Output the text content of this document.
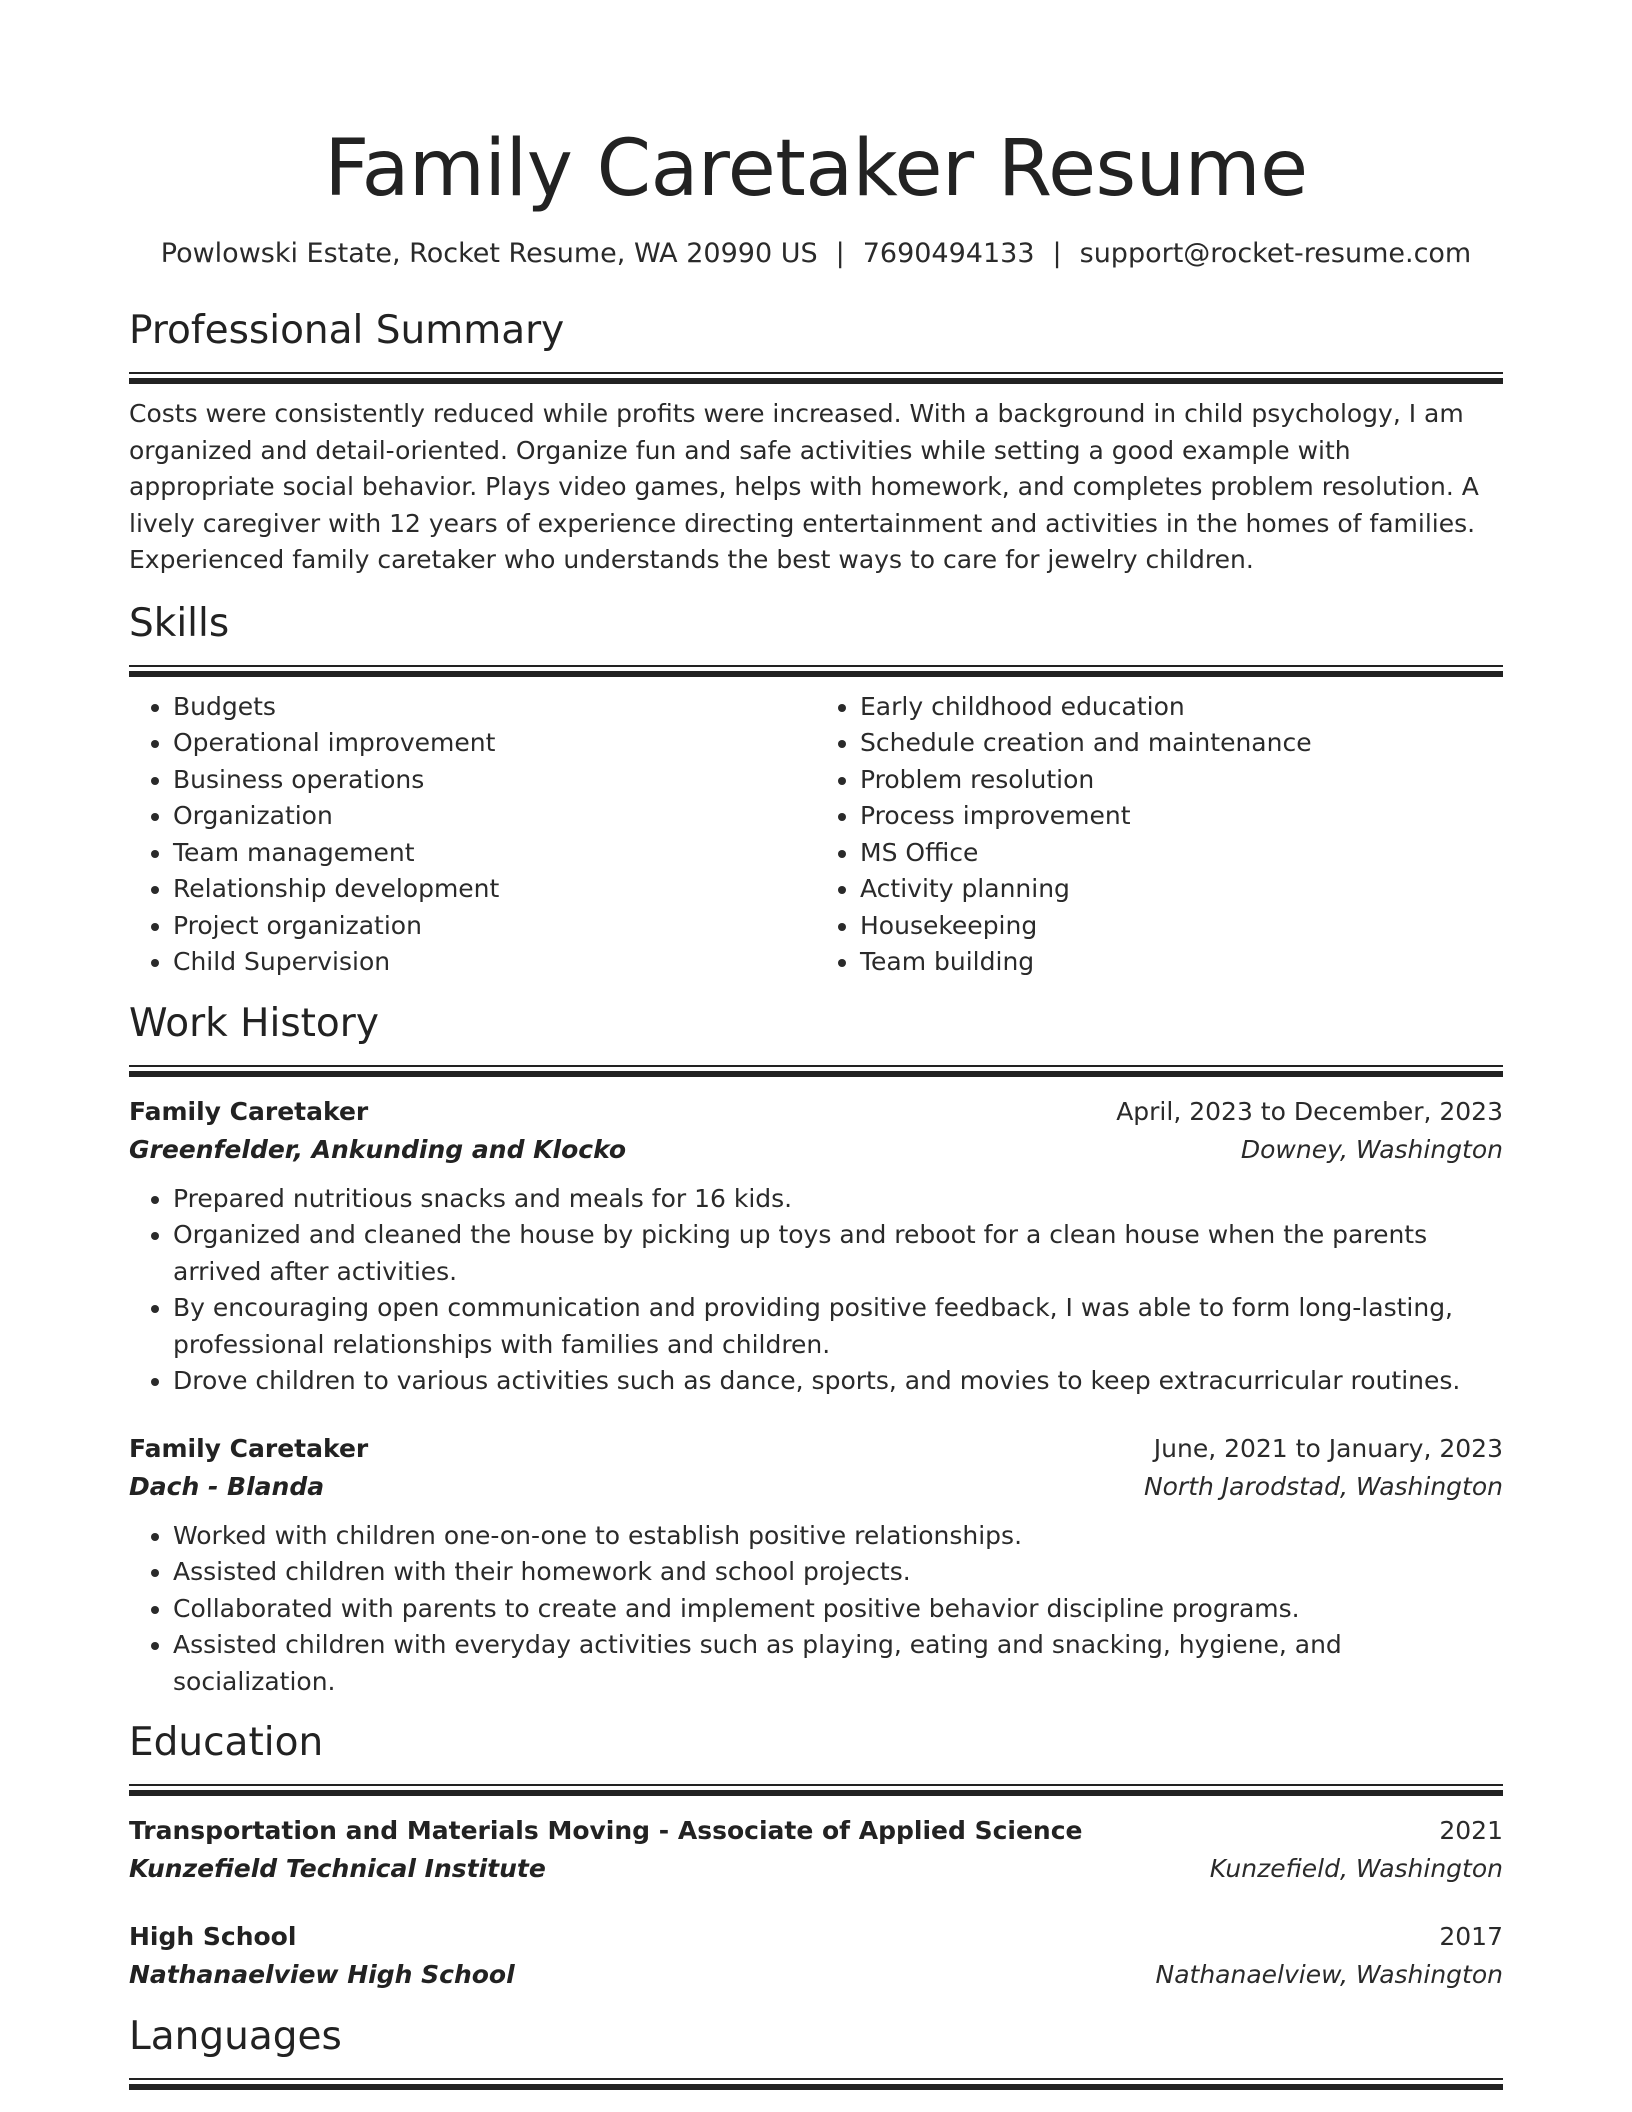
Family Caretaker Resume
Powlowski Estate, Rocket Resume, WA 20990 US | 7690494133 | support@rocket-resume.com
Professional Summary

Costs were consistently reduced while profits were increased. With a background in child psychology, I am organized and detail-oriented. Organize fun and safe activities while setting a good example with appropriate social behavior. Plays video games, helps with homework, and completes problem resolution. A lively caregiver with 12 years of experience directing entertainment and activities in the homes of families. Experienced family caretaker who understands the best ways to care for jewelry children.

Skills
• Budgets
• Operational improvement
• Business operations
• Organization
• Team management
• Relationship development
• Project organization
• Child Supervision
• Early childhood education
• Schedule creation and maintenance
• Problem resolution
• Process improvement
• MS Office
• Activity planning
• Housekeeping
• Team building
Work History
Family Caretaker	April, 2023 to December, 2023
Greenfelder, Ankunding and Klocko	Downey, Washington
• Prepared nutritious snacks and meals for 16 kids.
• Organized and cleaned the house by picking up toys and reboot for a clean house when the parents arrived after activities.
• By encouraging open communication and providing positive feedback, I was able to form long-lasting, professional relationships with families and children.
• Drove children to various activities such as dance, sports, and movies to keep extracurricular routines.
Family Caretaker	June, 2021 to January, 2023
Dach - Blanda	North Jarodstad, Washington
• Worked with children one-on-one to establish positive relationships.
• Assisted children with their homework and school projects.
• Collaborated with parents to create and implement positive behavior discipline programs.
• Assisted children with everyday activities such as playing, eating and snacking, hygiene, and socialization.
Education
Transportation and Materials Moving - Associate of Applied Science	2021
Kunzefield Technical Institute	Kunzefield, Washington
High School	2017
Nathanaelview High School	Nathanaelview, Washington
Languages
